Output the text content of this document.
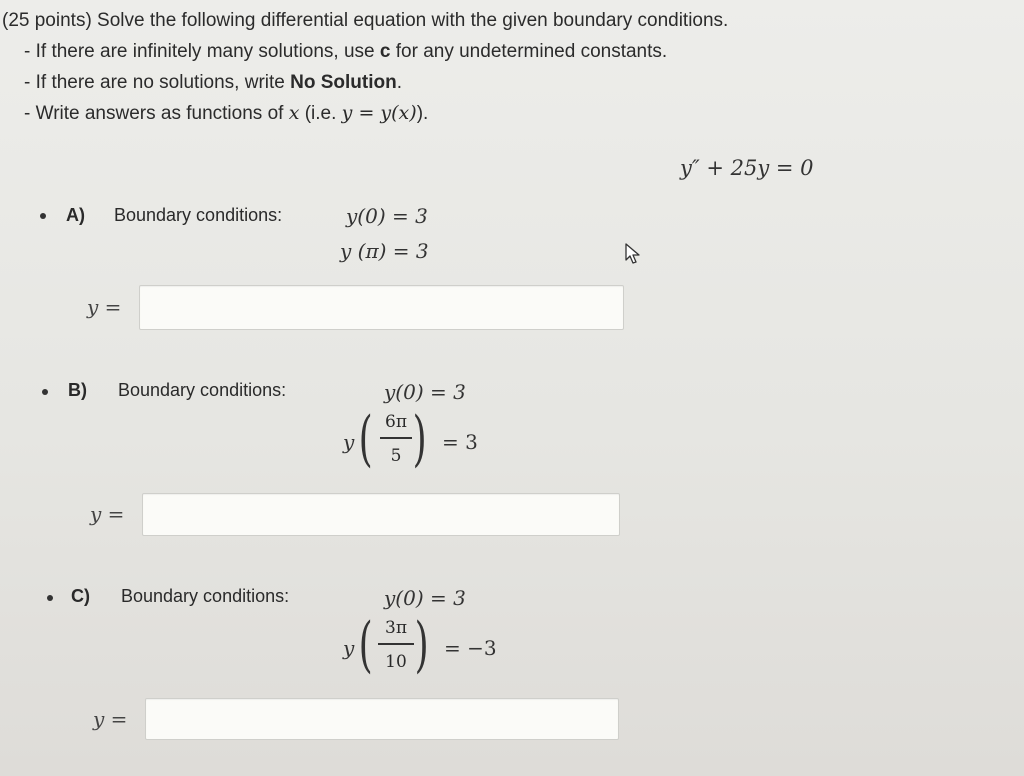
(25 points) Solve the following differential equation with the given boundary conditions.
- If there are infinitely many solutions, use c for any undetermined constants.
- If there are no solutions, write No Solution.
- Write answers as functions of x (i.e. y = y(x)).
y″ + 25y = 0
A) Boundary conditions:	y(0) = 3
y (π) = 3
y =
B) Boundary conditions:	y(0) = 3
y ( 6π
5 ) = 3
y =
C) Boundary conditions:	y(0) = 3
y ( 3π
10 ) = −3
y =
